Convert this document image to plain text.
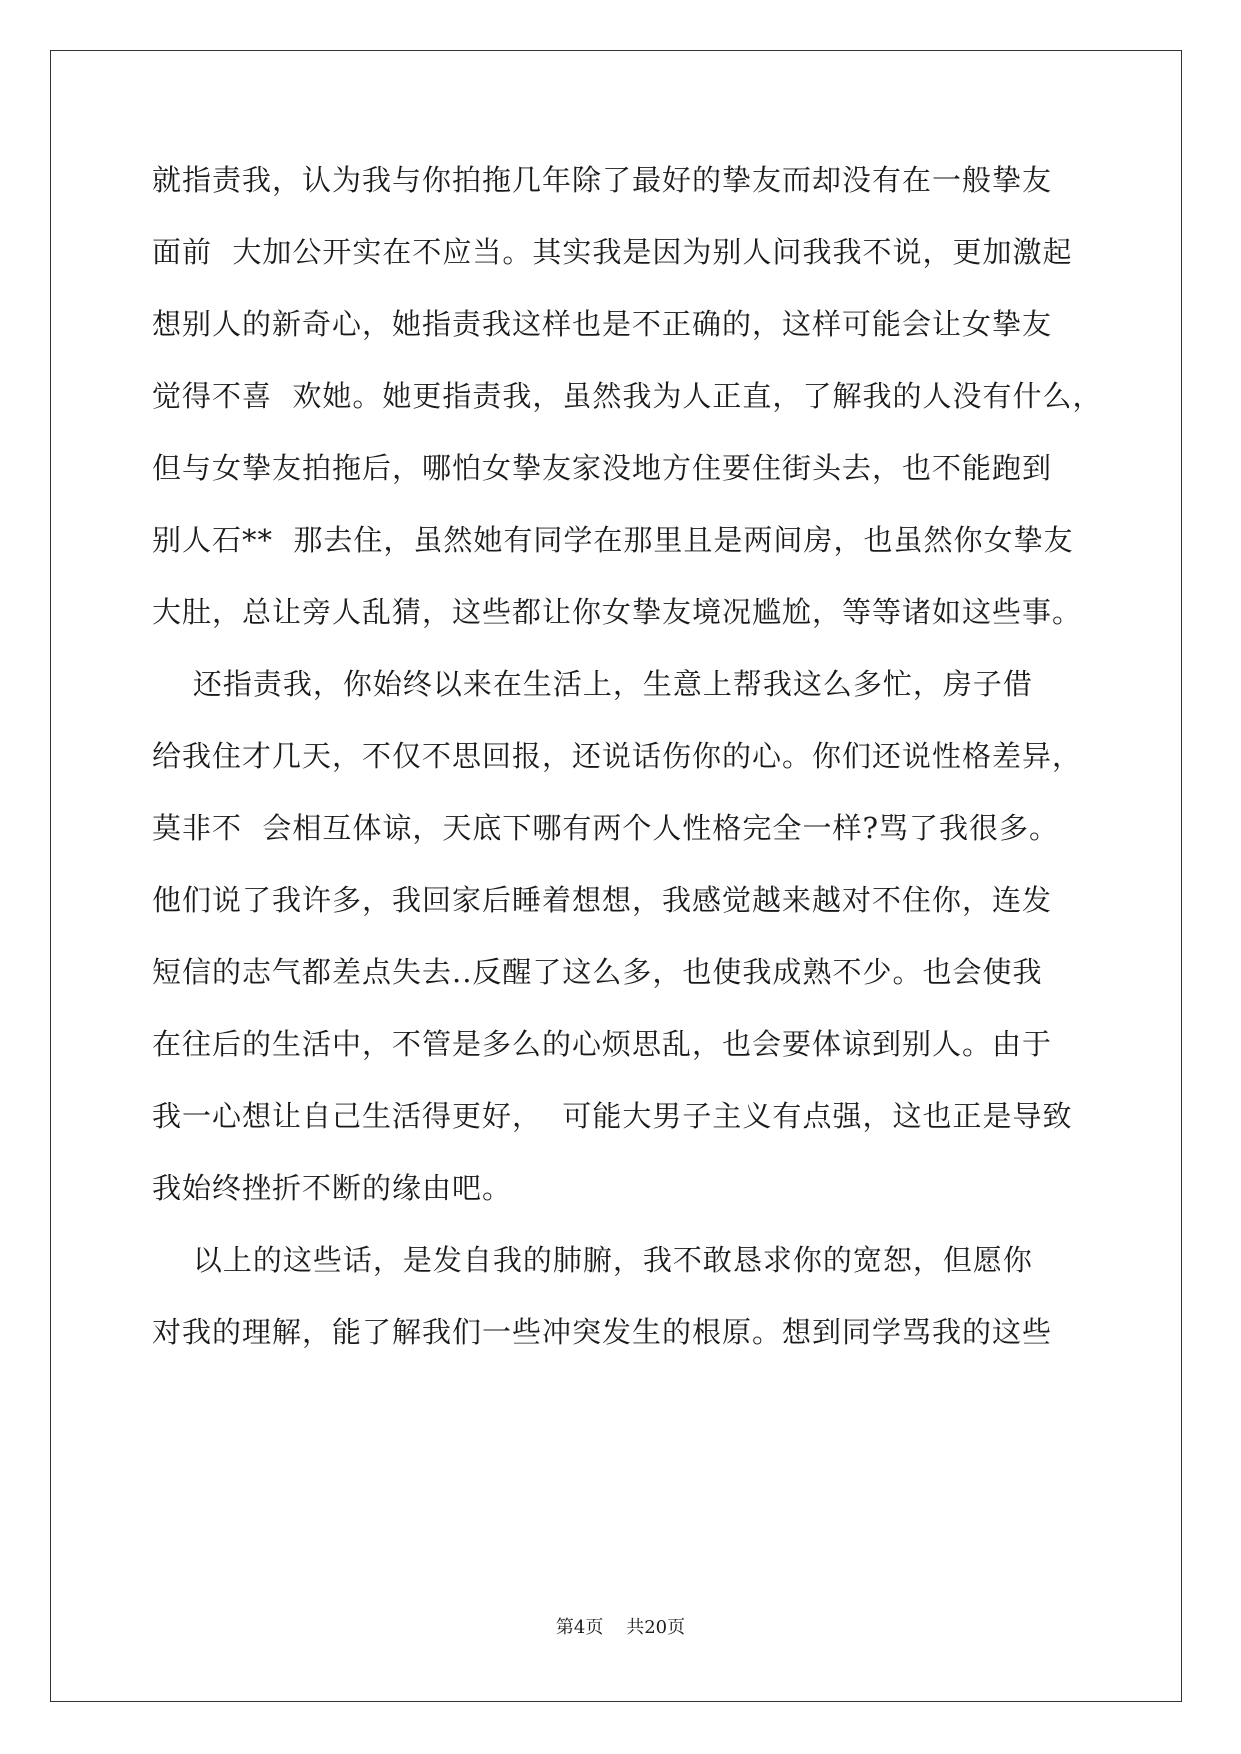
就指责我，认为我与你拍拖几年除了最好的挚友而却没有在一般挚友
面前  大加公开实在不应当。其实我是因为别人问我我不说，更加激起
想别人的新奇心，她指责我这样也是不正确的，这样可能会让女挚友
觉得不喜  欢她。她更指责我，虽然我为人正直，了解我的人没有什么，
但与女挚友拍拖后，哪怕女挚友家没地方住要住街头去，也不能跑到
别人石**  那去住，虽然她有同学在那里且是两间房，也虽然你女挚友
大肚，总让旁人乱猜，这些都让你女挚友境况尴尬，等等诸如这些事。
还指责我，你始终以来在生活上，生意上帮我这么多忙，房子借
给我住才几天，不仅不思回报，还说话伤你的心。你们还说性格差异，
莫非不  会相互体谅，天底下哪有两个人性格完全一样?骂了我很多。
他们说了我许多，我回家后睡着想想，我感觉越来越对不住你，连发
短信的志气都差点失去..反醒了这么多，也使我成熟不少。也会使我
在往后的生活中，不管是多么的心烦思乱，也会要体谅到别人。由于
我一心想让自己生活得更好，  可能大男子主义有点强，这也正是导致
我始终挫折不断的缘由吧。
以上的这些话，是发自我的肺腑，我不敢恳求你的宽恕，但愿你
对我的理解，能了解我们一些冲突发生的根原。想到同学骂我的这些
第4页    共20页
